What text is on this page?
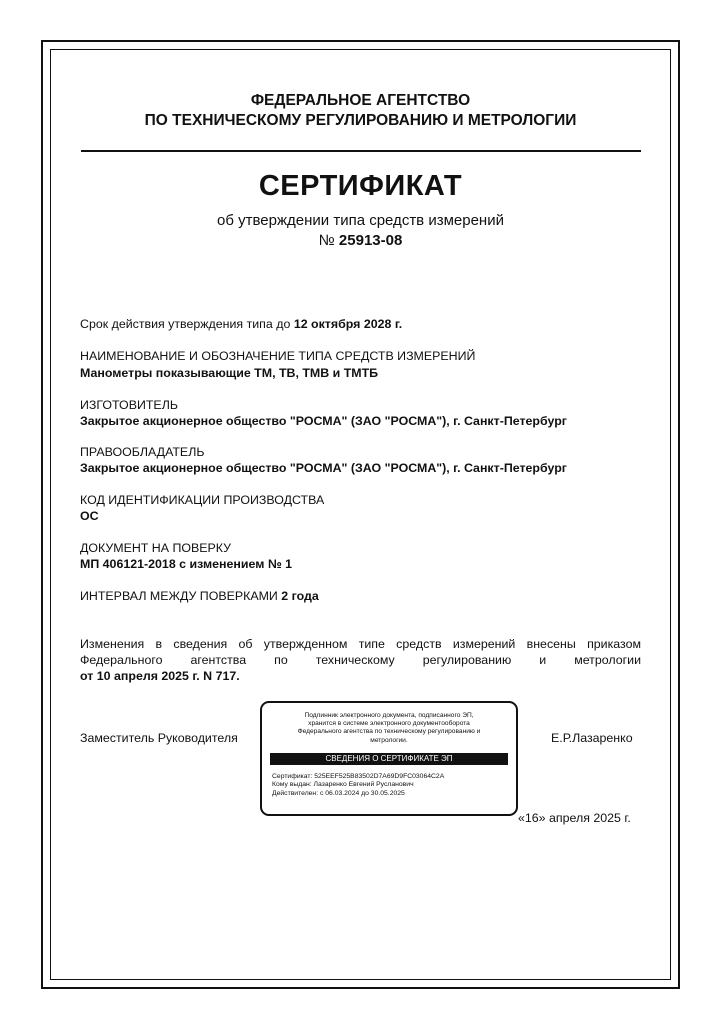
ФЕДЕРАЛЬНОЕ АГЕНТСТВО
ПО ТЕХНИЧЕСКОМУ РЕГУЛИРОВАНИЮ И МЕТРОЛОГИИ
СЕРТИФИКАТ
об утверждении типа средств измерений
№ 25913-08
Срок действия утверждения типа до 12 октября 2028 г.
НАИМЕНОВАНИЕ И ОБОЗНАЧЕНИЕ ТИПА СРЕДСТВ ИЗМЕРЕНИЙ
Манометры показывающие ТМ, ТВ, ТМВ и ТМТБ
ИЗГОТОВИТЕЛЬ
Закрытое акционерное общество "РОСМА" (ЗАО "РОСМА"), г. Санкт-Петербург
ПРАВООБЛАДАТЕЛЬ
Закрытое акционерное общество "РОСМА" (ЗАО "РОСМА"), г. Санкт-Петербург
КОД ИДЕНТИФИКАЦИИ ПРОИЗВОДСТВА
ОС
ДОКУМЕНТ НА ПОВЕРКУ
МП 406121-2018 с изменением № 1
ИНТЕРВАЛ МЕЖДУ ПОВЕРКАМИ 2 года
Изменения в сведения об утвержденном типе средств измерений внесены приказом
Федерального агентства по техническому регулированию и метрологии
от 10 апреля 2025 г. N 717.
Заместитель Руководителя	Е.Р.Лазаренко
Подлинник электронного документа, подписанного ЭП,
хранится в системе электронного документооборота
Федерального агентства по техническому регулированию и
метрологии.
СВЕДЕНИЯ О СЕРТИФИКАТЕ ЭП
Сертификат: 525EEF525B83502D7A69D9FC03064C2A
Кому выдан: Лазаренко Евгений Русланович
Действителен: с 06.03.2024 до 30.05.2025
«16» апреля 2025 г.
